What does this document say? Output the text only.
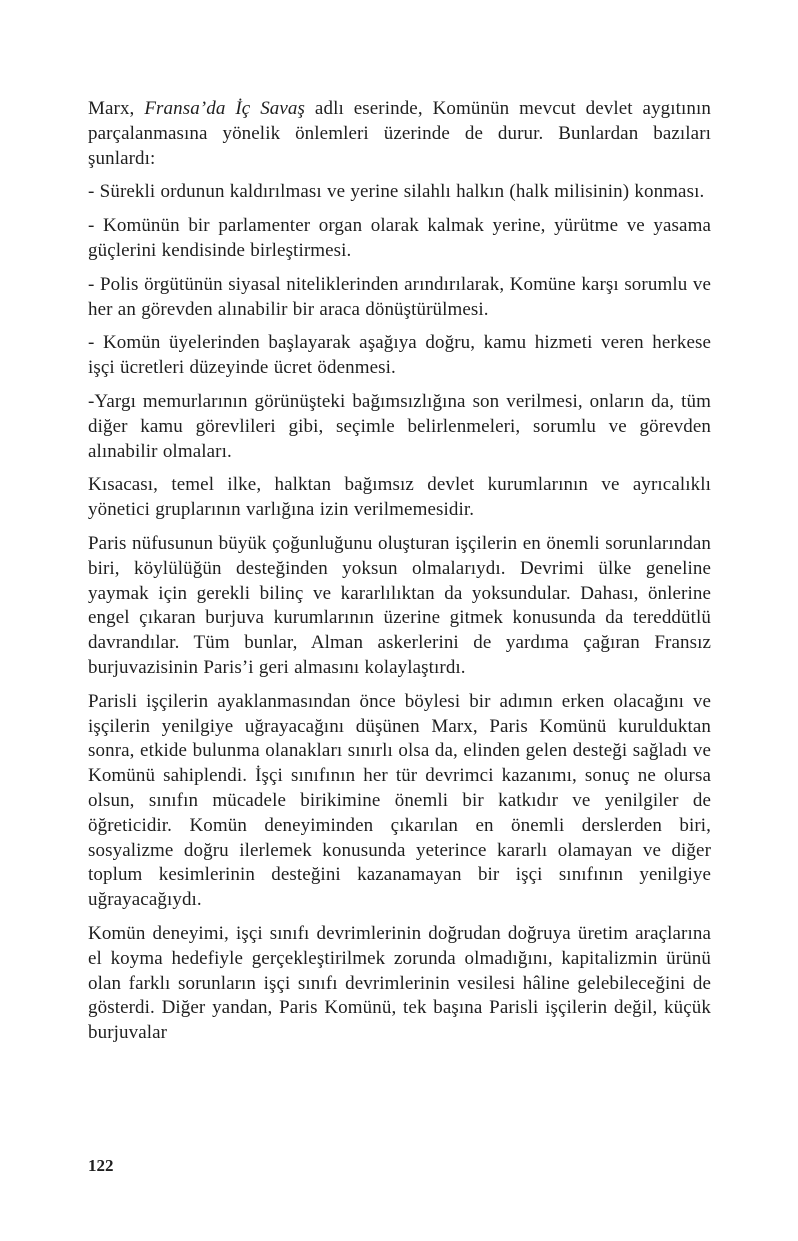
Marx, Fransa’da İç Savaş adlı eserinde, Komünün mevcut devlet aygıtının parçalanmasına yönelik önlemleri üzerinde de durur. Bunlardan bazıları şunlardı:

- Sürekli ordunun kaldırılması ve yerine silahlı halkın (halk milisinin) konması.

- Komünün bir parlamenter organ olarak kalmak yerine, yürütme ve yasama güçlerini kendisinde birleştirmesi.

- Polis örgütünün siyasal niteliklerinden arındırılarak, Komüne karşı sorumlu ve her an görevden alınabilir bir araca dönüştürülmesi.

- Komün üyelerinden başlayarak aşağıya doğru, kamu hizmeti veren herkese işçi ücretleri düzeyinde ücret ödenmesi.

-Yargı memurlarının görünüşteki bağımsızlığına son verilmesi, onların da, tüm diğer kamu görevlileri gibi, seçimle belirlenmeleri, sorumlu ve görevden alınabilir olmaları.

Kısacası, temel ilke, halktan bağımsız devlet kurumlarının ve ayrıcalıklı yönetici gruplarının varlığına izin verilmemesidir.

Paris nüfusunun büyük çoğunluğunu oluşturan işçilerin en önemli sorunlarından biri, köylülüğün desteğinden yoksun olmalarıydı. Devrimi ülke geneline yaymak için gerekli bilinç ve kararlılıktan da yoksundular. Dahası, önlerine engel çıkaran burjuva kurumlarının üzerine gitmek konusunda da tereddütlü davrandılar. Tüm bunlar, Alman askerlerini de yardıma çağıran Fransız burjuvazisinin Paris’i geri almasını kolaylaştırdı.

Parisli işçilerin ayaklanmasından önce böylesi bir adımın erken olacağını ve işçilerin yenilgiye uğrayacağını düşünen Marx, Paris Komünü kurulduktan sonra, etkide bulunma olanakları sınırlı olsa da, elinden gelen desteği sağladı ve Komünü sahiplendi. İşçi sınıfının her tür devrimci kazanımı, sonuç ne olursa olsun, sınıfın mücadele birikimine önemli bir katkıdır ve yenilgiler de öğreticidir. Komün deneyiminden çıkarılan en önemli derslerden biri, sosyalizme doğru ilerlemek konusunda yeterince kararlı olamayan ve diğer toplum kesimlerinin desteğini kazanamayan bir işçi sınıfının yenilgiye uğrayacağıydı.

Komün deneyimi, işçi sınıfı devrimlerinin doğrudan doğruya üretim araçlarına el koyma hedefiyle gerçekleştirilmek zorunda olmadığını, kapitalizmin ürünü olan farklı sorunların işçi sınıfı devrimlerinin vesilesi hâline gelebileceğini de gösterdi. Diğer yandan, Paris Komünü, tek başına Parisli işçilerin değil, küçük burjuvalar

122
